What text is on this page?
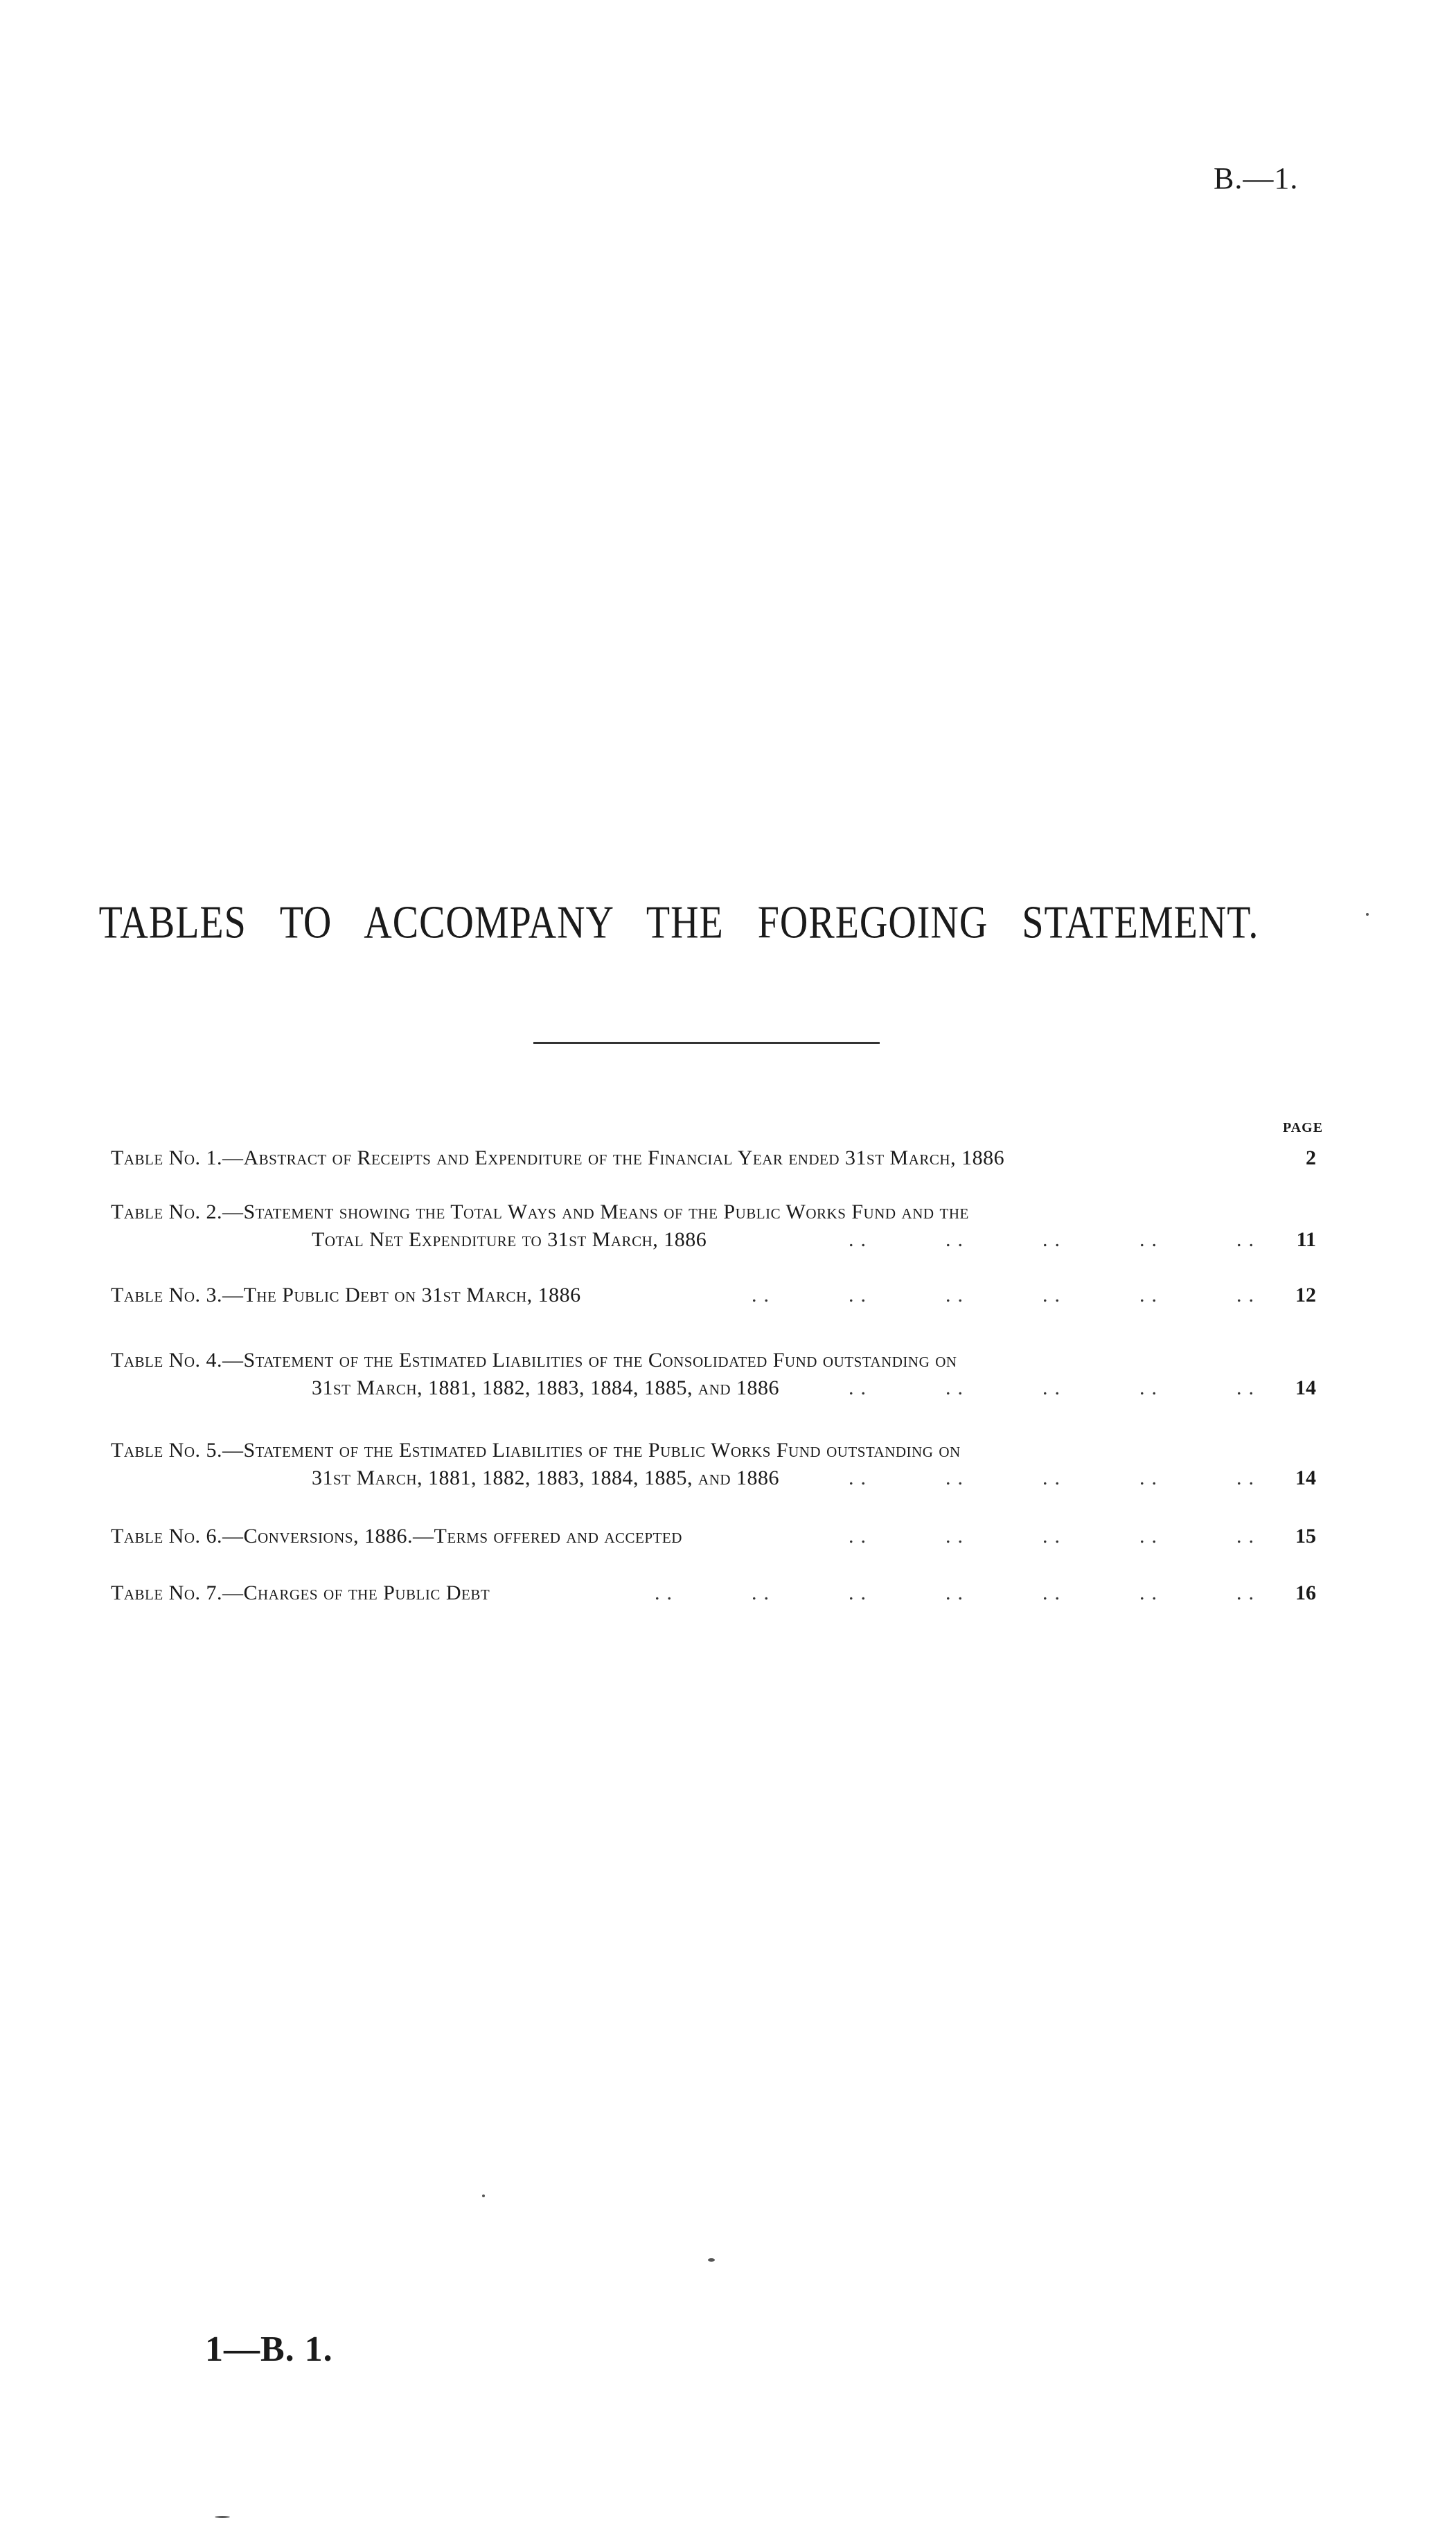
B.—1.
TABLES TO ACCOMPANY THE FOREGOING STATEMENT.
PAGE
Table No. 1.—Abstract of Receipts and Expenditure of the Financial Year ended 31st March, 1886	2
Table No. 2.—Statement showing the Total Ways and Means of the Public Works Fund and the
Total Net Expenditure to 31st March, 1886	..      ..      ..      ..      ..	11
Table No. 3.—The Public Debt on 31st March, 1886	..      ..      ..      ..      ..      ..	12
Table No. 4.—Statement of the Estimated Liabilities of the Consolidated Fund outstanding on
31st March, 1881, 1882, 1883, 1884, 1885, and 1886	..      ..      ..      ..      ..	14
Table No. 5.—Statement of the Estimated Liabilities of the Public Works Fund outstanding on
31st March, 1881, 1882, 1883, 1884, 1885, and 1886	..      ..      ..      ..      ..	14
Table No. 6.—Conversions, 1886.—Terms offered and accepted	..      ..      ..      ..      ..	15
Table No. 7.—Charges of the Public Debt	..      ..      ..      ..      ..      ..      ..	16
1—B. 1.
